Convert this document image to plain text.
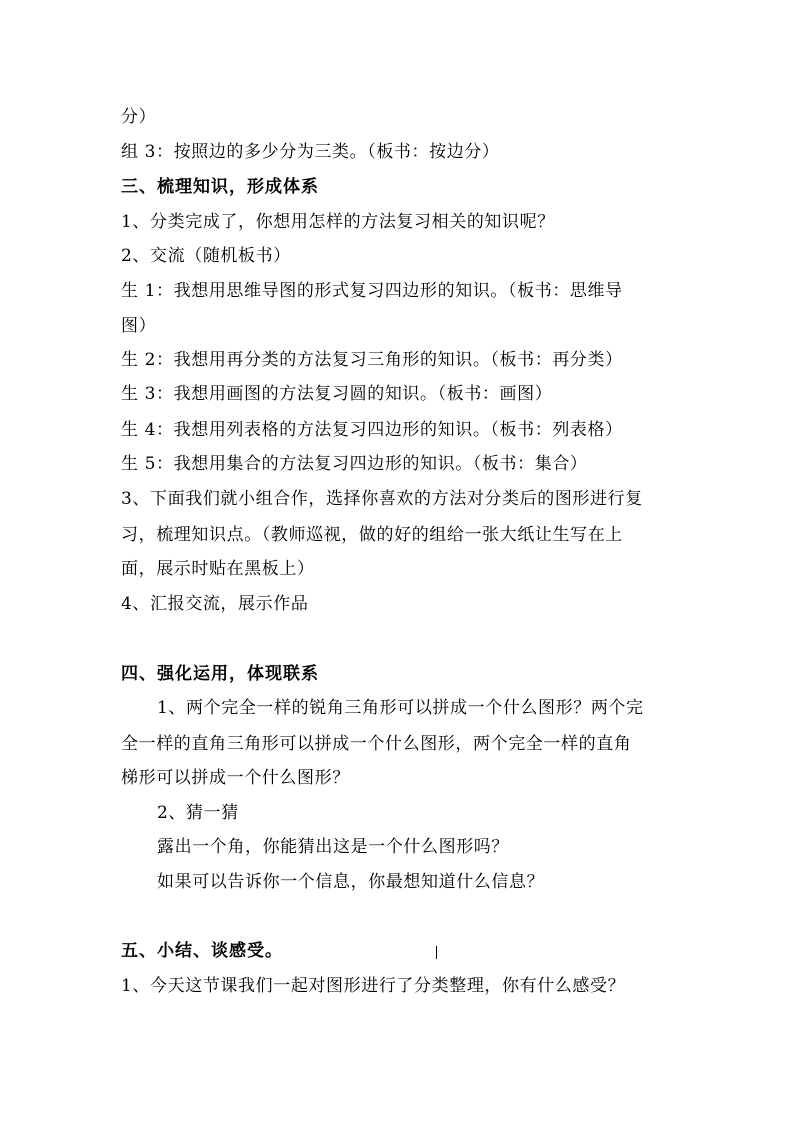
分）
组 3：按照边的多少分为三类。（板书：按边分）
三、梳理知识，形成体系
1、分类完成了，你想用怎样的方法复习相关的知识呢？
2、交流（随机板书）
生 1：我想用思维导图的形式复习四边形的知识。（板书：思维导
图）
生 2：我想用再分类的方法复习三角形的知识。（板书：再分类）
生 3：我想用画图的方法复习圆的知识。（板书：画图）
生 4：我想用列表格的方法复习四边形的知识。（板书：列表格）
生 5：我想用集合的方法复习四边形的知识。（板书：集合）
3、下面我们就小组合作，选择你喜欢的方法对分类后的图形进行复
习，梳理知识点。（教师巡视，做的好的组给一张大纸让生写在上
面，展示时贴在黑板上）
4、汇报交流，展示作品
四、强化运用，体现联系
1、两个完全一样的锐角三角形可以拼成一个什么图形？两个完
全一样的直角三角形可以拼成一个什么图形，两个完全一样的直角
梯形可以拼成一个什么图形？
2、猜一猜
露出一个角，你能猜出这是一个什么图形吗？
如果可以告诉你一个信息，你最想知道什么信息？
五、小结、谈感受。
1、今天这节课我们一起对图形进行了分类整理，你有什么感受？
